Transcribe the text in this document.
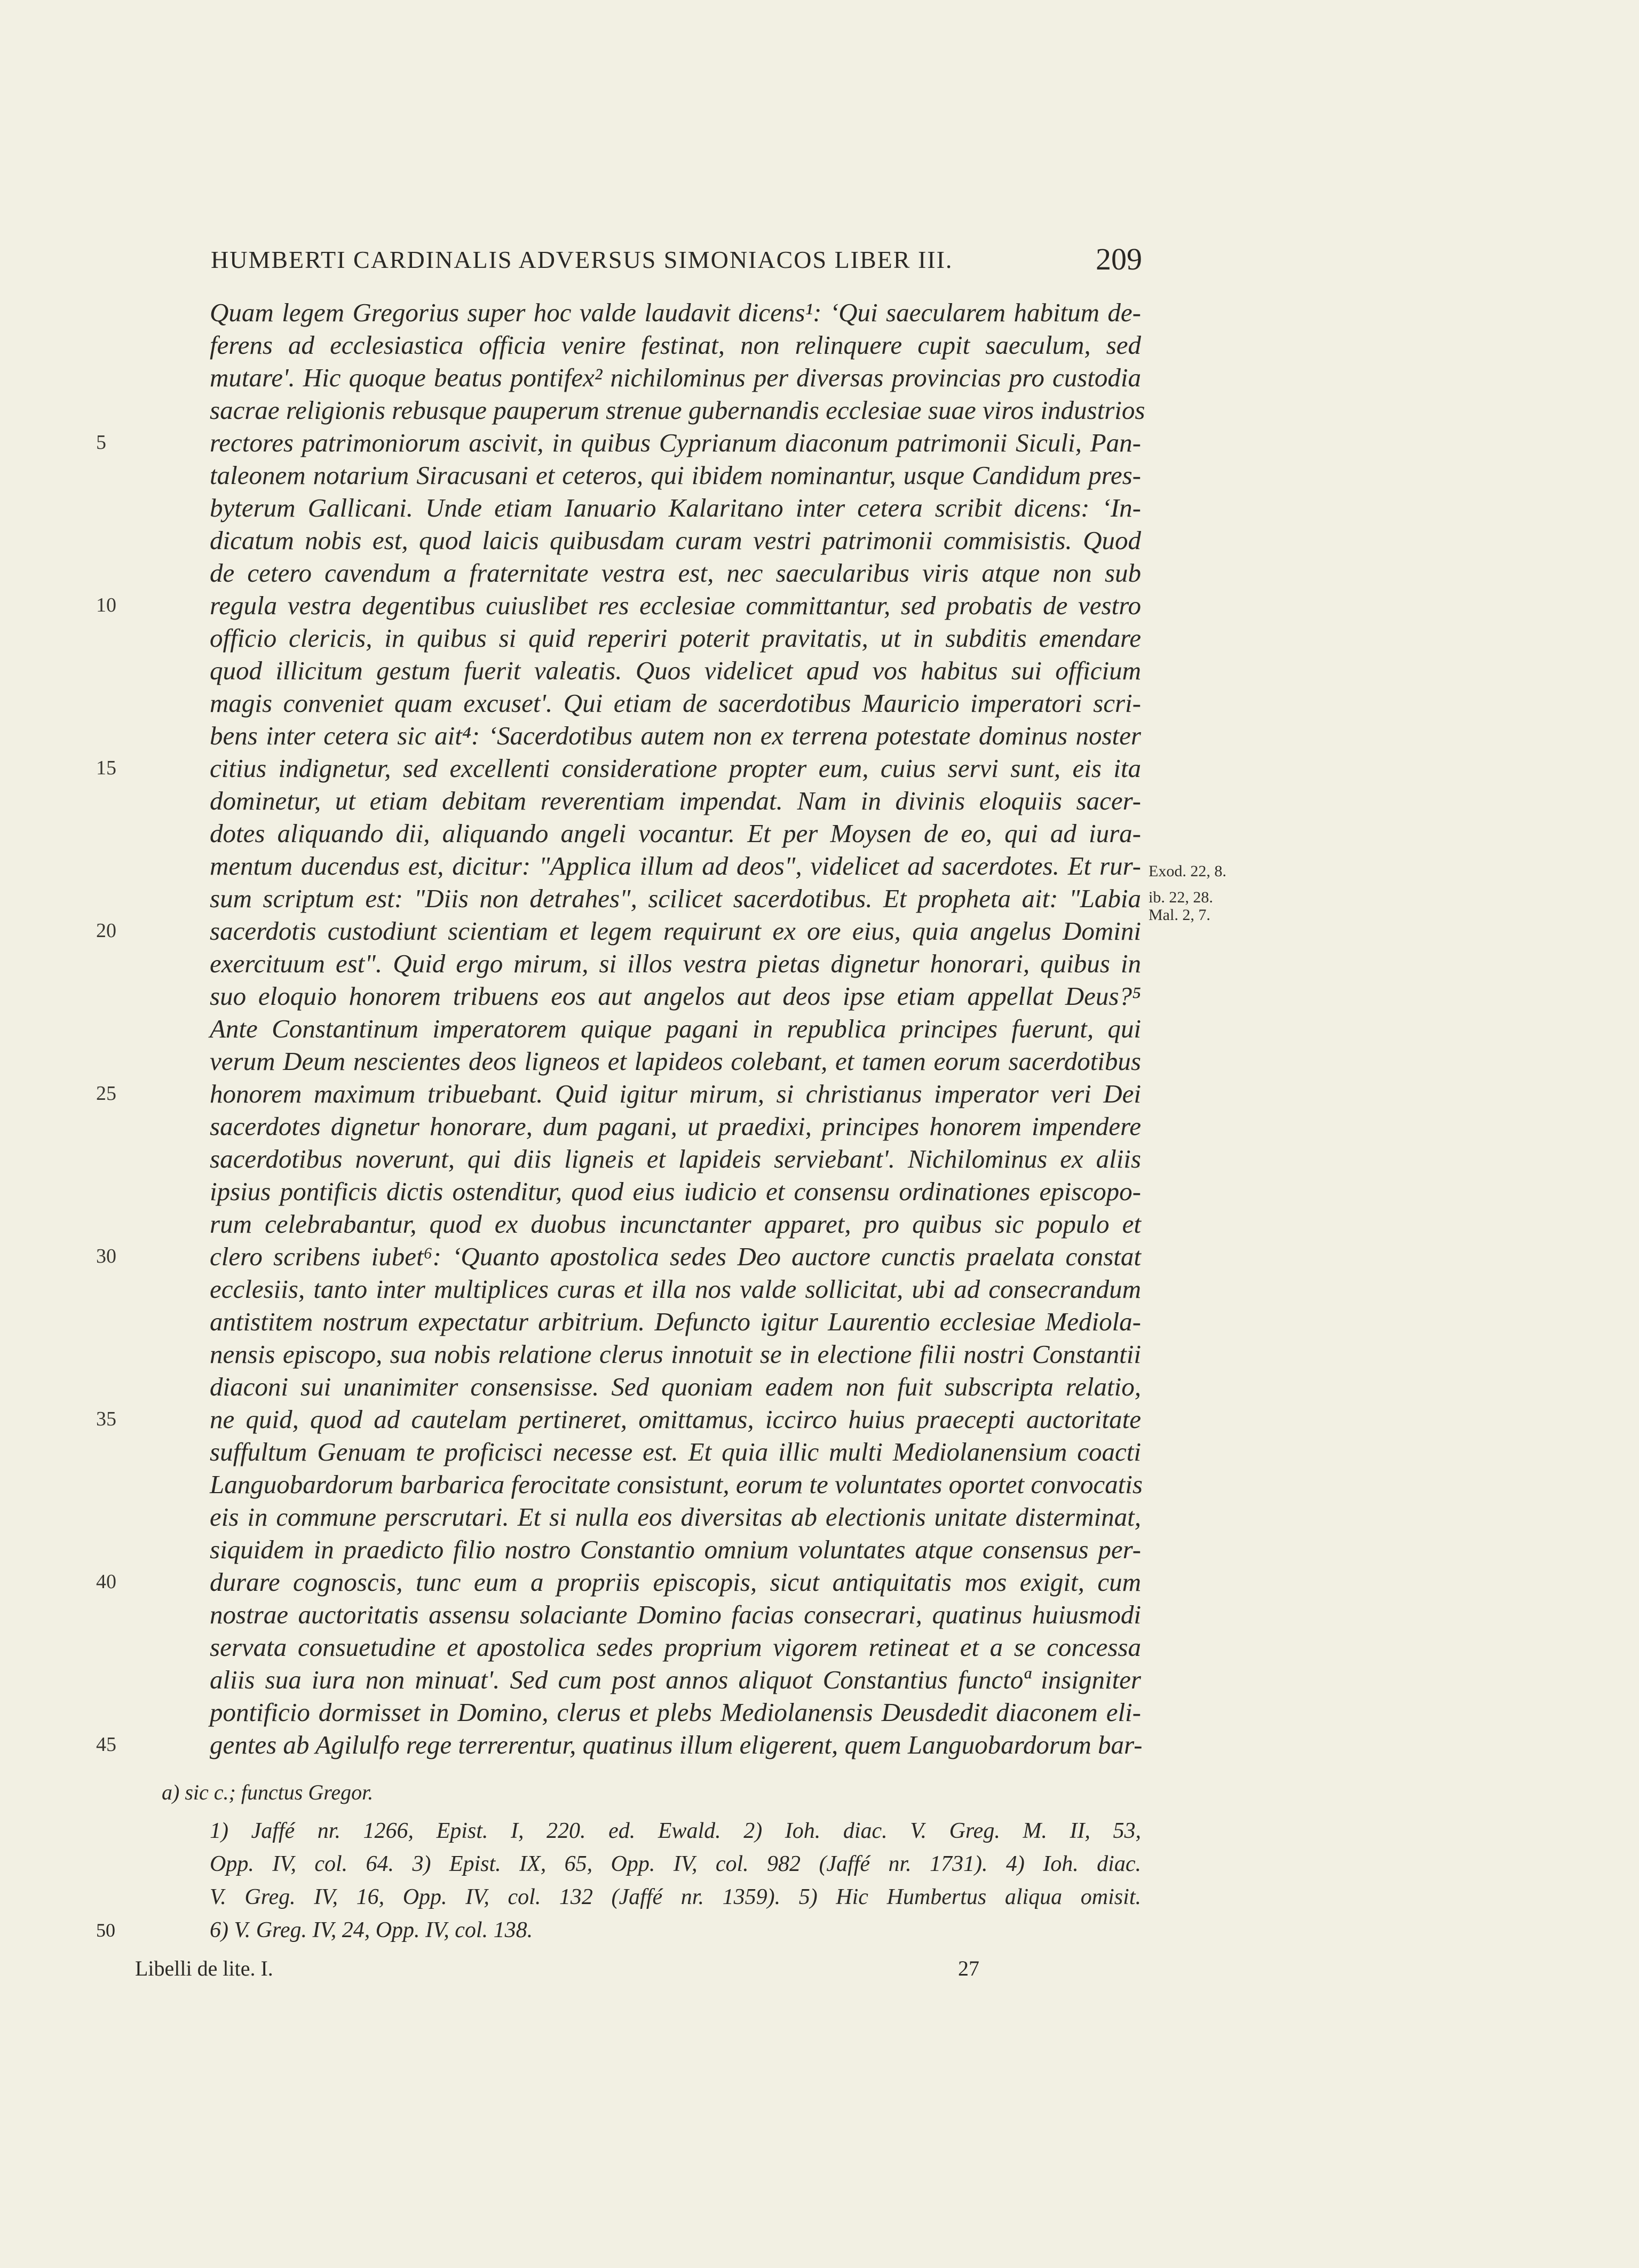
HUMBERTI CARDINALIS ADVERSUS SIMONIACOS LIBER III.	209
Quam legem Gregorius super hoc valde laudavit dicens¹: ʻQui saecularem habitum de-
ferens ad ecclesiastica officia venire festinat, non relinquere cupit saeculum, sed
mutare'. Hic quoque beatus pontifex² nichilominus per diversas provincias pro custodia
sacrae religionis rebusque pauperum strenue gubernandis ecclesiae suae viros industrios
5	rectores patrimoniorum ascivit, in quibus Cyprianum diaconum patrimonii Siculi, Pan-
taleonem notarium Siracusani et ceteros, qui ibidem nominantur, usque Candidum pres-
byterum Gallicani. Unde etiam Ianuario Kalaritano inter cetera scribit dicens: ʻIn-
dicatum nobis est, quod laicis quibusdam curam vestri patrimonii commisistis. Quod
de cetero cavendum a fraternitate vestra est, nec saecularibus viris atque non sub
10	regula vestra degentibus cuiuslibet res ecclesiae committantur, sed probatis de vestro
officio clericis, in quibus si quid reperiri poterit pravitatis, ut in subditis emendare
quod illicitum gestum fuerit valeatis. Quos videlicet apud vos habitus sui officium
magis conveniet quam excuset'. Qui etiam de sacerdotibus Mauricio imperatori scri-
bens inter cetera sic ait⁴: ʻSacerdotibus autem non ex terrena potestate dominus noster
15	citius indignetur, sed excellenti consideratione propter eum, cuius servi sunt, eis ita
dominetur, ut etiam debitam reverentiam impendat. Nam in divinis eloquiis sacer-
dotes aliquando dii, aliquando angeli vocantur. Et per Moysen de eo, qui ad iura-
mentum ducendus est, dicitur: "Applica illum ad deos", videlicet ad sacerdotes. Et rur-
sum scriptum est: "Diis non detrahes", scilicet sacerdotibus. Et propheta ait: "Labia
20	sacerdotis custodiunt scientiam et legem requirunt ex ore eius, quia angelus Domini
exercituum est". Quid ergo mirum, si illos vestra pietas dignetur honorari, quibus in
suo eloquio honorem tribuens eos aut angelos aut deos ipse etiam appellat Deus?⁵
Ante Constantinum imperatorem quique pagani in republica principes fuerunt, qui
verum Deum nescientes deos ligneos et lapideos colebant, et tamen eorum sacerdotibus
25	honorem maximum tribuebant. Quid igitur mirum, si christianus imperator veri Dei
sacerdotes dignetur honorare, dum pagani, ut praedixi, principes honorem impendere
sacerdotibus noverunt, qui diis ligneis et lapideis serviebant'. Nichilominus ex aliis
ipsius pontificis dictis ostenditur, quod eius iudicio et consensu ordinationes episcopo-
rum celebrabantur, quod ex duobus incunctanter apparet, pro quibus sic populo et
30	clero scribens iubet⁶: ʻQuanto apostolica sedes Deo auctore cunctis praelata constat
ecclesiis, tanto inter multiplices curas et illa nos valde sollicitat, ubi ad consecrandum
antistitem nostrum expectatur arbitrium. Defuncto igitur Laurentio ecclesiae Mediola-
nensis episcopo, sua nobis relatione clerus innotuit se in electione filii nostri Constantii
diaconi sui unanimiter consensisse. Sed quoniam eadem non fuit subscripta relatio,
35	ne quid, quod ad cautelam pertineret, omittamus, iccirco huius praecepti auctoritate
suffultum Genuam te proficisci necesse est. Et quia illic multi Mediolanensium coacti
Languobardorum barbarica ferocitate consistunt, eorum te voluntates oportet convocatis
eis in commune perscrutari. Et si nulla eos diversitas ab electionis unitate disterminat,
siquidem in praedicto filio nostro Constantio omnium voluntates atque consensus per-
40	durare cognoscis, tunc eum a propriis episcopis, sicut antiquitatis mos exigit, cum
nostrae auctoritatis assensu solaciante Domino facias consecrari, quatinus huiusmodi
servata consuetudine et apostolica sedes proprium vigorem retineat et a se concessa
aliis sua iura non minuat'. Sed cum post annos aliquot Constantius functoª insigniter
pontificio dormisset in Domino, clerus et plebs Mediolanensis Deusdedit diaconem eli-
45	gentes ab Agilulfo rege terrerentur, quatinus illum eligerent, quem Languobardorum bar-
Exod. 22, 8.
ib. 22, 28.
Mal. 2, 7.
a) sic c.; functus Gregor.
1) Jaffé nr. 1266, Epist. I, 220. ed. Ewald. 2) Ioh. diac. V. Greg. M. II, 53,
Opp. IV, col. 64. 3) Epist. IX, 65, Opp. IV, col. 982 (Jaffé nr. 1731). 4) Ioh. diac.
V. Greg. IV, 16, Opp. IV, col. 132 (Jaffé nr. 1359). 5) Hic Humbertus aliqua omisit.
50	6) V. Greg. IV, 24, Opp. IV, col. 138.
Libelli de lite. I.	27
